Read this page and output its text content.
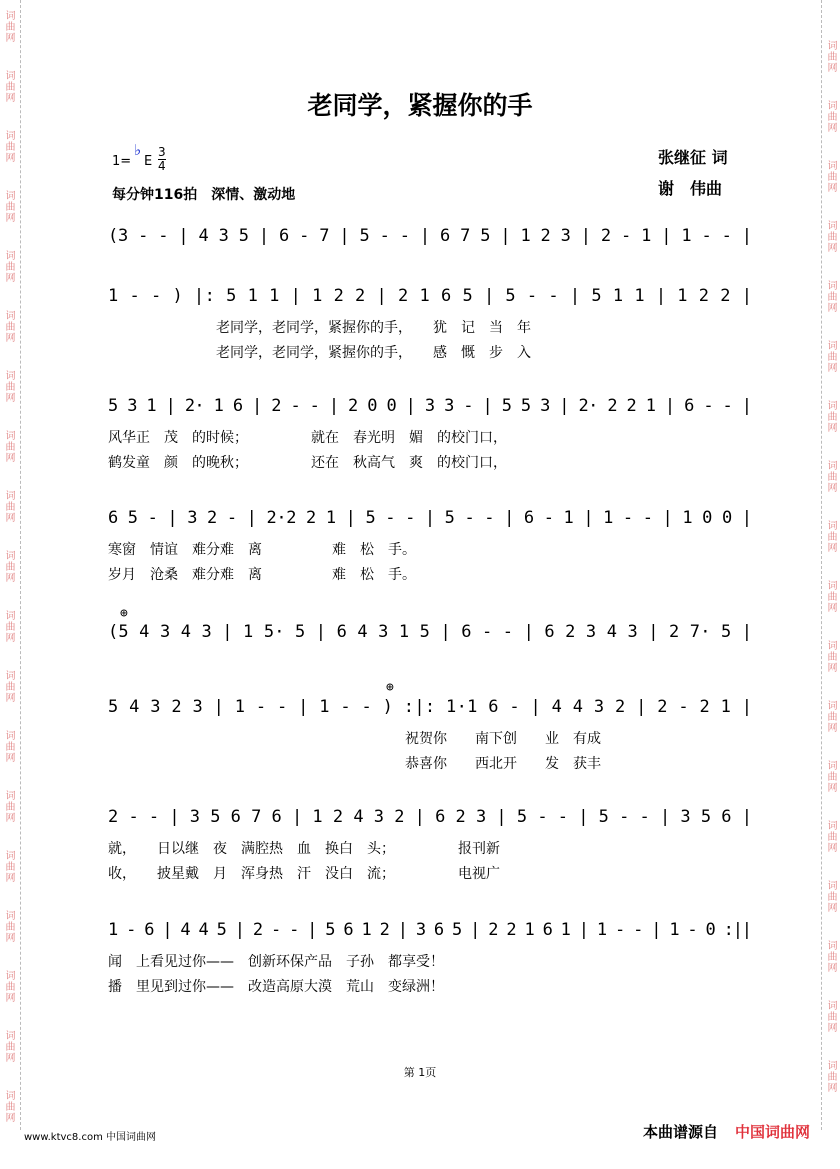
词曲网
词曲网
词曲网
词曲网
词曲网
词曲网
词曲网
词曲网
词曲网
词曲网
词曲网
词曲网
词曲网
词曲网
词曲网
词曲网
词曲网
词曲网
词曲网
词曲网
词曲网
词曲网
词曲网
词曲网
词曲网
词曲网
词曲网
词曲网
词曲网
词曲网
词曲网
词曲网
词曲网
词曲网
词曲网
词曲网
词曲网
老同学，紧握你的手
1=
♭
E $\frac{3}{4}$
每分钟116拍　深情、激动地
张继征 词
谢　伟曲
(3 - - | 4 3 5 | 6 - 7 | 5 - - | 6 7 5 | 1 2 3 | 2 - 1 | 1 - - |
1 - - ) |: 5 1 1 | 1 2 2 | 2 1 6 5 | 5 - - | 5 1 1 | 1 2 2 |
5 3 1 | 2· 1 6 | 2 - - | 2 0 0 | 3 3 - | 5 5 3 | 2· 2 2 1 | 6 - - |
6 5 - | 3 2 - | 2·2 2 1 | 5 - - | 5 - - | 6 - 1 | 1 - - | 1 0 0 |
(5 4 3 4 3 | 1 5· 5 | 6 4 3 1 5 | 6 - - | 6 2 3 4 3 | 2 7· 5 |
5 4 3 2 3 | 1 - - | 1 - - ) :|: 1·1 6 - | 4 4 3 2 | 2 - 2 1 |
2 - - | 3 5 6 7 6 | 1 2 4 3 2 | 6 2 3 | 5 - - | 5 - - | 3 5 6 |
1 - 6 | 4 4 5 | 2 - - | 5 6 1 2 | 3 6 5 | 2 2 1 6 1 | 1 - - | 1 - 0 :||
⊕
⊕
老同学，老同学，紧握你的手，　　犹　记　当　年
老同学，老同学，紧握你的手，　　感　慨　步　入
风华正　茂　的时候；　　　　　就在　春光明　媚　的校门口，
鹤发童　颜　的晚秋；　　　　　还在　秋高气　爽　的校门口，
寒窗　情谊　难分难　离　　　　　难　松　手。
岁月　沧桑　难分难　离　　　　　难　松　手。
祝贺你　　南下创　　业　有成
恭喜你　　西北开　　发　获丰
就，　　日以继　夜　满腔热　血　换白　头；　　　　　报刊新
收，　　披星戴　月　浑身热　汗　没白　流；　　　　　电视广
闻　上看见过你——　创新环保产品　子孙　都享受！
播　里见到过你——　改造高原大漠　荒山　变绿洲！
第 1页
www.ktvc8.com 中国词曲网	本曲谱源自 中国词曲网
